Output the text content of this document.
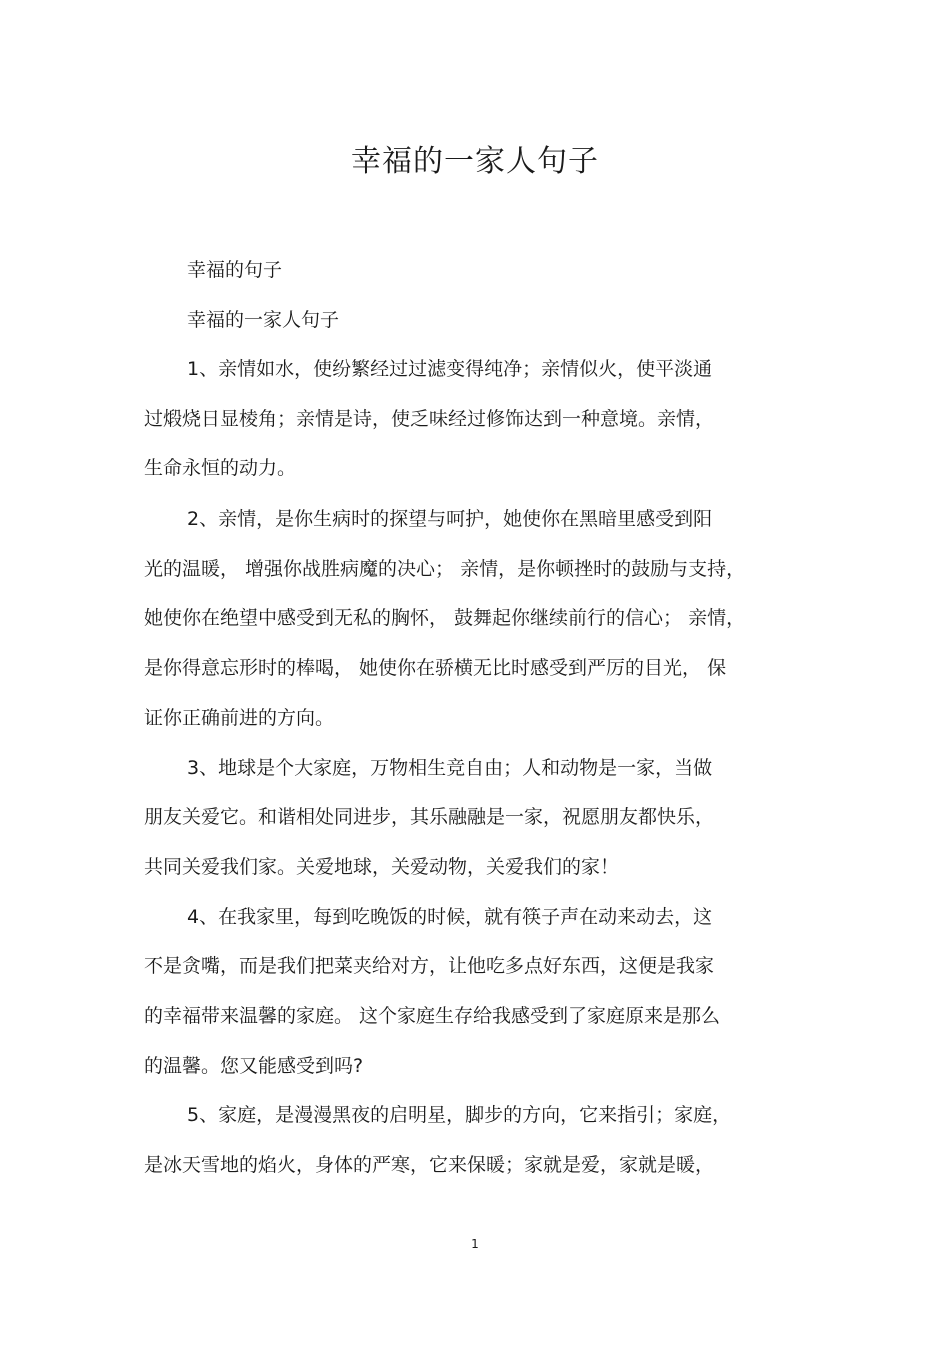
幸福的一家人句子
幸福的句子
幸福的一家人句子
1、亲情如水，使纷繁经过过滤变得纯净；亲情似火，使平淡通
过煅烧日显棱角；亲情是诗，使乏味经过修饰达到一种意境。亲情，
生命永恒的动力。
2、亲情，是你生病时的探望与呵护，她使你在黑暗里感受到阳
光的温暖， 增强你战胜病魔的决心； 亲情，是你顿挫时的鼓励与支持，
她使你在绝望中感受到无私的胸怀， 鼓舞起你继续前行的信心； 亲情，
是你得意忘形时的棒喝， 她使你在骄横无比时感受到严厉的目光， 保
证你正确前进的方向。
3、地球是个大家庭，万物相生竞自由；人和动物是一家，当做
朋友关爱它。和谐相处同进步，其乐融融是一家，祝愿朋友都快乐，
共同关爱我们家。关爱地球，关爱动物，关爱我们的家！
4、在我家里，每到吃晚饭的时候，就有筷子声在动来动去，这
不是贪嘴，而是我们把菜夹给对方，让他吃多点好东西，这便是我家
的幸福带来温馨的家庭。 这个家庭生存给我感受到了家庭原来是那么
的温馨。您又能感受到吗?
5、家庭，是漫漫黑夜的启明星，脚步的方向，它来指引；家庭，
是冰天雪地的焰火，身体的严寒，它来保暖；家就是爱，家就是暖，
1
